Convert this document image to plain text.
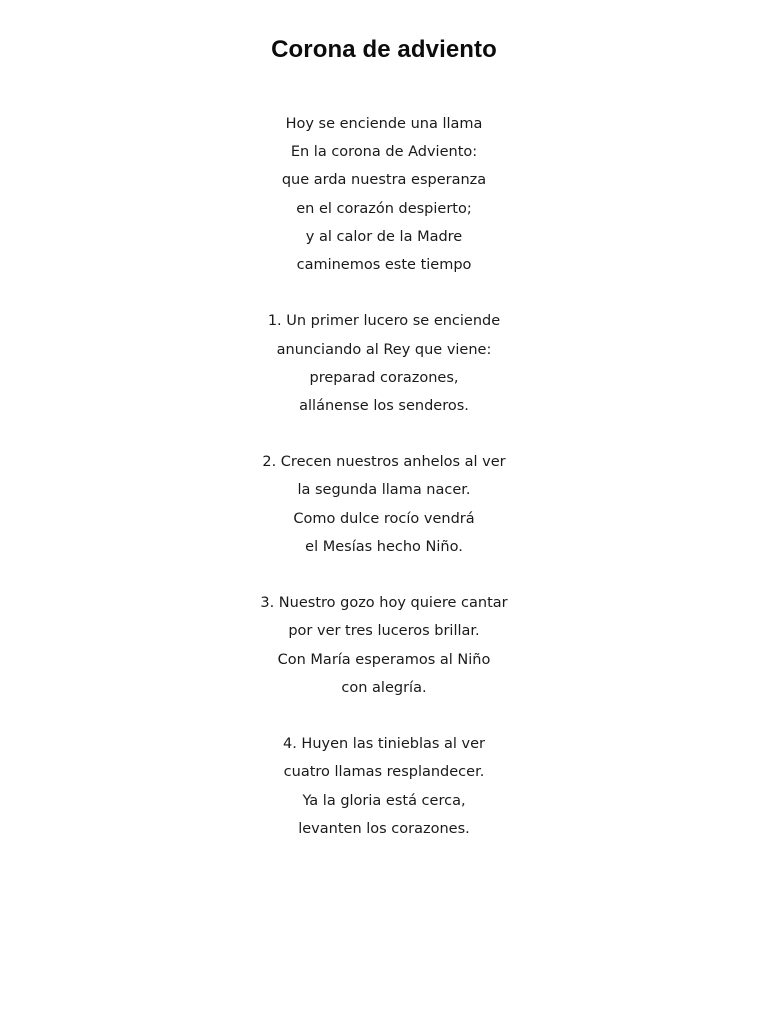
Corona de adviento
Hoy se enciende una llama
En la corona de Adviento:
que arda nuestra esperanza
en el corazón despierto;
y al calor de la Madre
caminemos este tiempo
1. Un primer lucero se enciende
anunciando al Rey que viene:
preparad corazones,
allánense los senderos.
2. Crecen nuestros anhelos al ver
la segunda llama nacer.
Como dulce rocío vendrá
el Mesías hecho Niño.
3. Nuestro gozo hoy quiere cantar
por ver tres luceros brillar.
Con María esperamos al Niño
con alegría.
4. Huyen las tinieblas al ver
cuatro llamas resplandecer.
Ya la gloria está cerca,
levanten los corazones.
